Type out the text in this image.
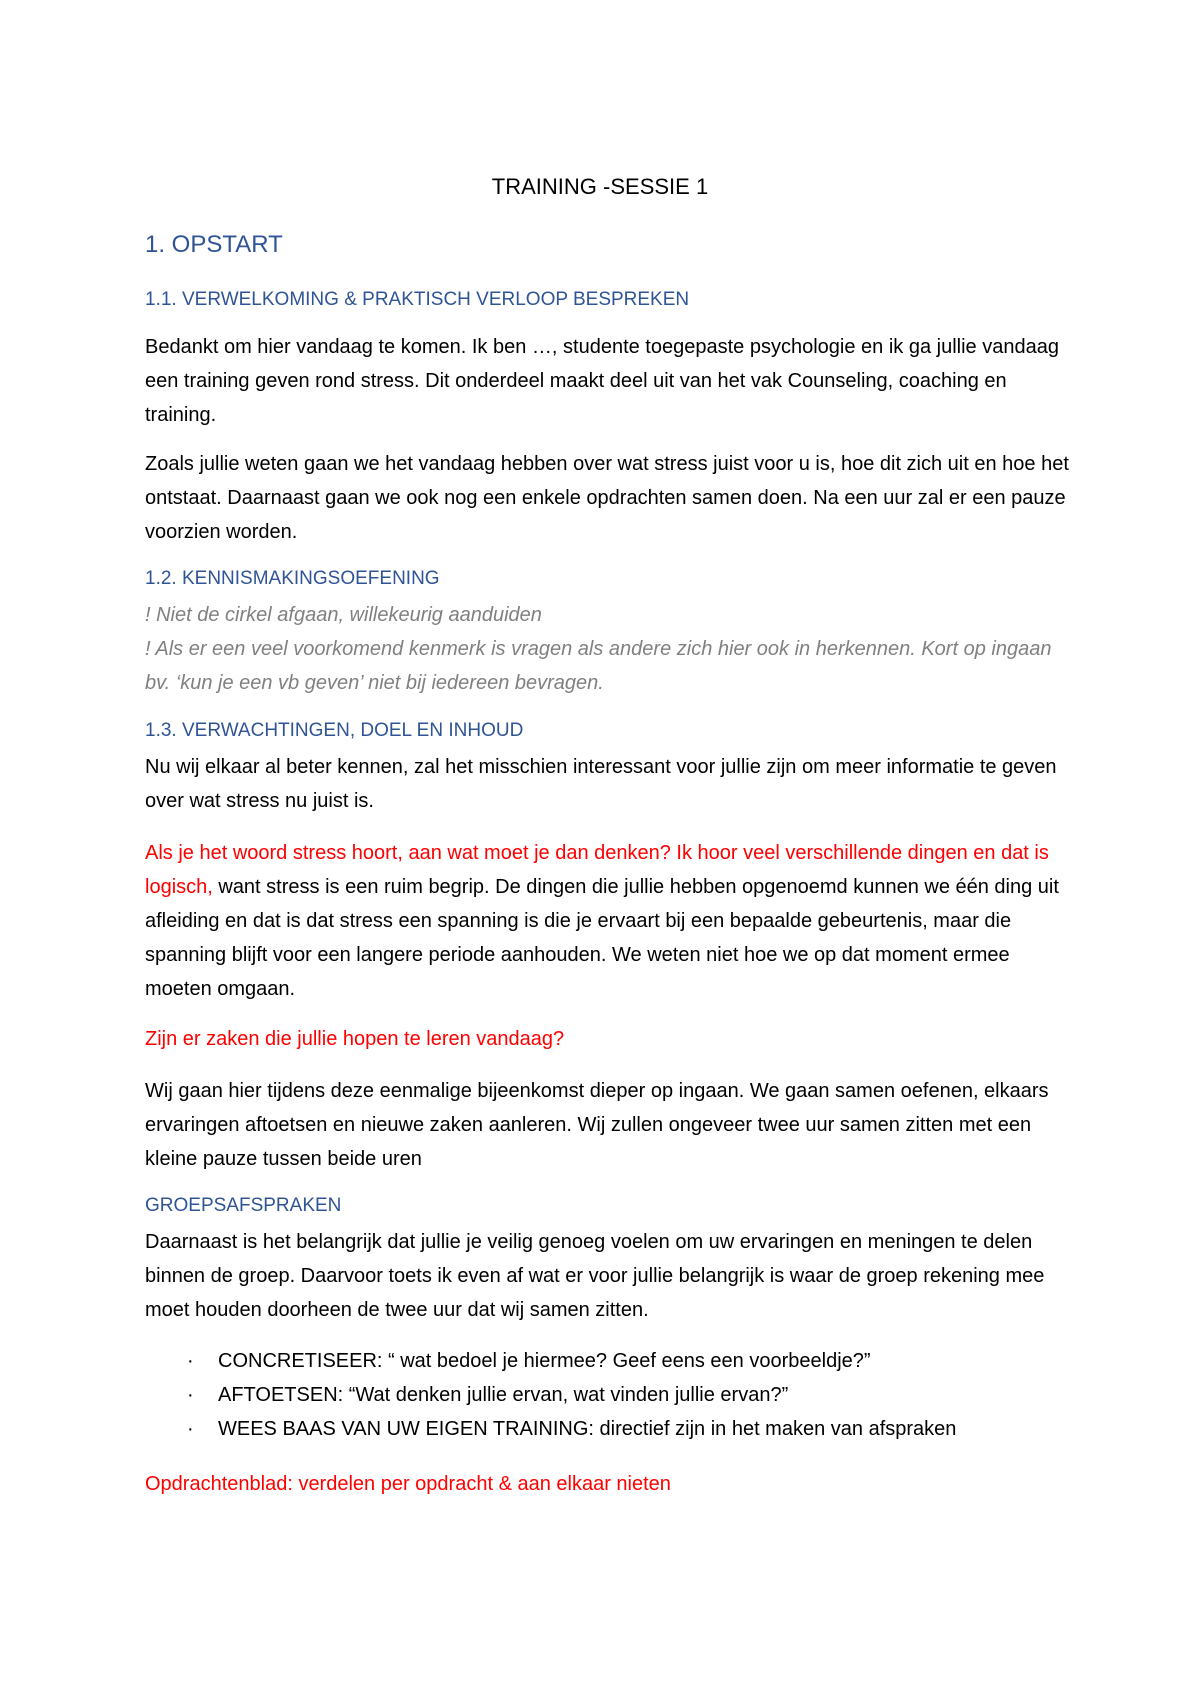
TRAINING -SESSIE 1

1. OPSTART
1.1. VERWELKOMING & PRAKTISCH VERLOOP BESPREKEN

Bedankt om hier vandaag te komen. Ik ben …, studente toegepaste psychologie en ik ga jullie vandaag een training geven rond stress. Dit onderdeel maakt deel uit van het vak Counseling, coaching en training.

Zoals jullie weten gaan we het vandaag hebben over wat stress juist voor u is, hoe dit zich uit en hoe het ontstaat. Daarnaast gaan we ook nog een enkele opdrachten samen doen. Na een uur zal er een pauze voorzien worden.

1.2. KENNISMAKINGSOEFENING

! Niet de cirkel afgaan, willekeurig aanduiden

! Als er een veel voorkomend kenmerk is vragen als andere zich hier ook in herkennen. Kort op ingaan bv. ‘kun je een vb geven’ niet bij iedereen bevragen.

1.3. VERWACHTINGEN, DOEL EN INHOUD

Nu wij elkaar al beter kennen, zal het misschien interessant voor jullie zijn om meer informatie te geven over wat stress nu juist is.

Als je het woord stress hoort, aan wat moet je dan denken? Ik hoor veel verschillende dingen en dat is logisch, want stress is een ruim begrip. De dingen die jullie hebben opgenoemd kunnen we één ding uit afleiding en dat is dat stress een spanning is die je ervaart bij een bepaalde gebeurtenis, maar die spanning blijft voor een langere periode aanhouden. We weten niet hoe we op dat moment ermee moeten omgaan.

Zijn er zaken die jullie hopen te leren vandaag?

Wij gaan hier tijdens deze eenmalige bijeenkomst dieper op ingaan. We gaan samen oefenen, elkaars ervaringen aftoetsen en nieuwe zaken aanleren. Wij zullen ongeveer twee uur samen zitten met een kleine pauze tussen beide uren

GROEPSAFSPRAKEN

Daarnaast is het belangrijk dat jullie je veilig genoeg voelen om uw ervaringen en meningen te delen binnen de groep. Daarvoor toets ik even af wat er voor jullie belangrijk is waar de groep rekening mee moet houden doorheen de twee uur dat wij samen zitten.

· CONCRETISEER: “ wat bedoel je hiermee? Geef eens een voorbeeldje?”
· AFTOETSEN: “Wat denken jullie ervan, wat vinden jullie ervan?”
· WEES BAAS VAN UW EIGEN TRAINING: directief zijn in het maken van afspraken

Opdrachtenblad: verdelen per opdracht & aan elkaar nieten
